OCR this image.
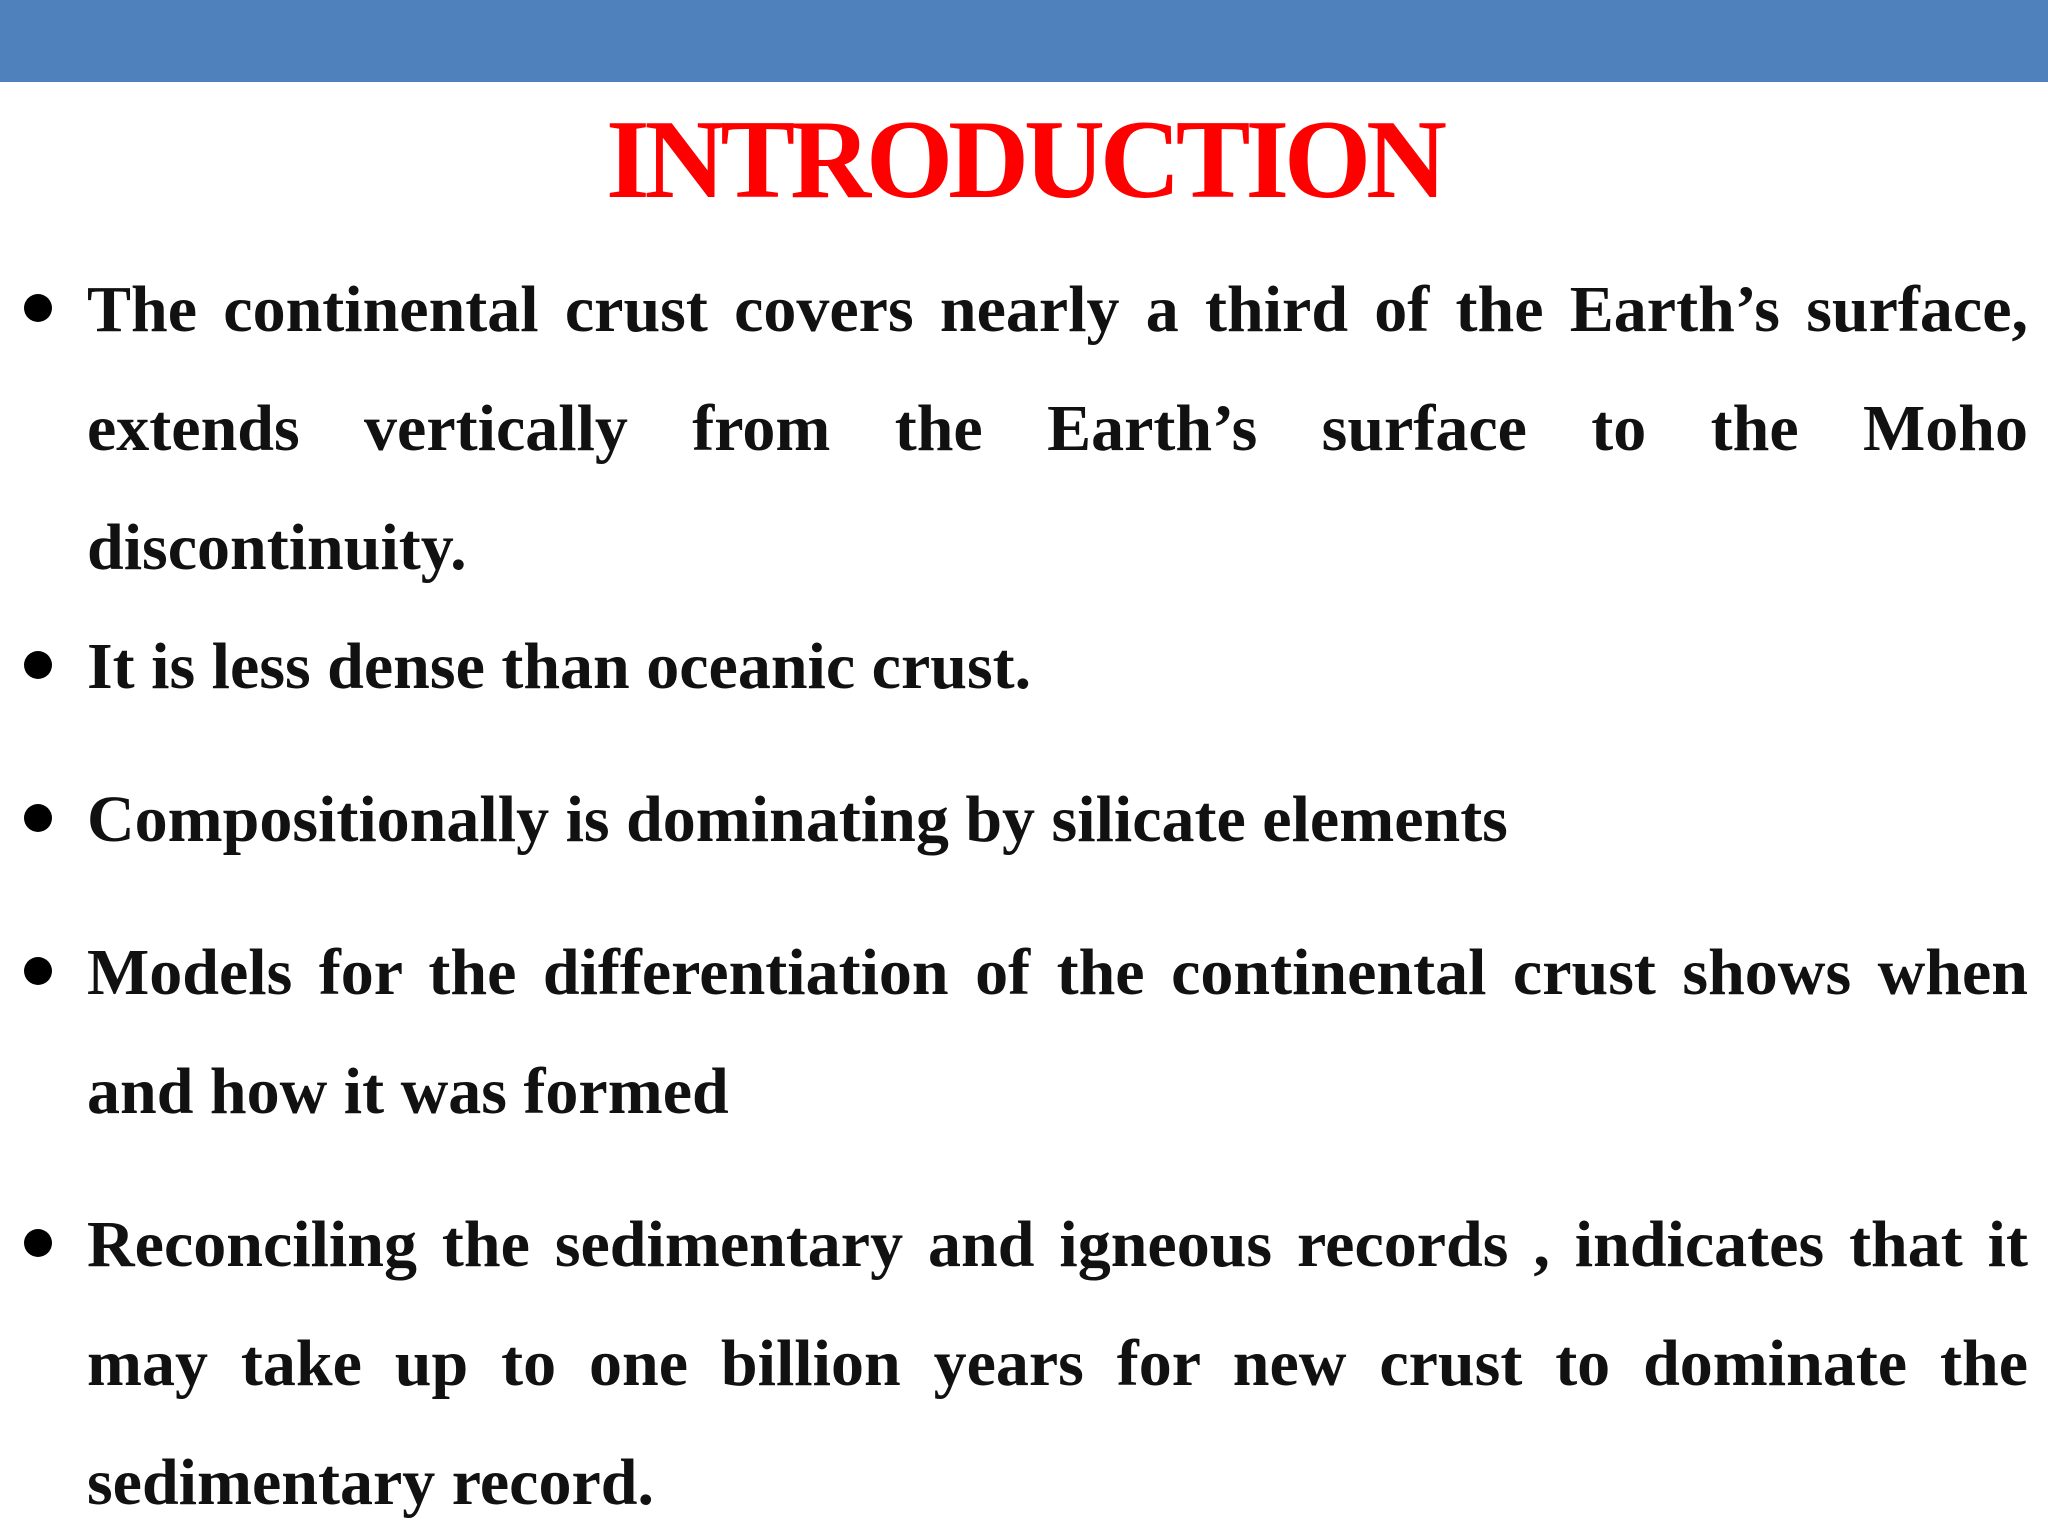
INTRODUCTION
The continental crust covers nearly a third of the Earth’s surface, extends vertically from the Earth’s surface to the Moho discontinuity.
It is less dense than oceanic crust.
Compositionally is dominating by silicate elements
Models for the differentiation of the continental crust shows when and how it was formed
Reconciling the sedimentary and igneous records , indicates that it may take up to one billion years for new crust to dominate the sedimentary record.
